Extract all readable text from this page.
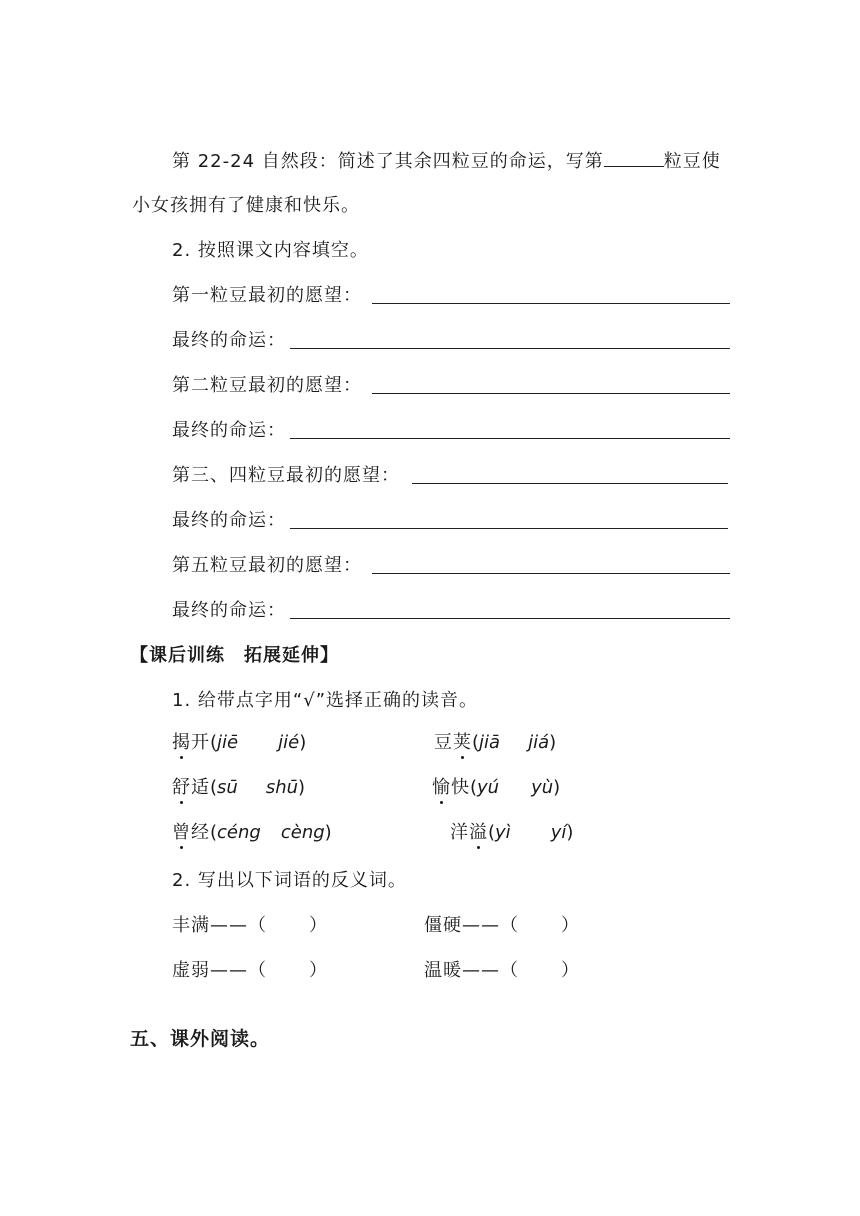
第 22-24 自然段：简述了其余四粒豆的命运，写第	粒豆使
小女孩拥有了健康和快乐。
2. 按照课文内容填空。
第一粒豆最初的愿望：
最终的命运：
第二粒豆最初的愿望：
最终的命运：
第三、四粒豆最初的愿望：
最终的命运：
第五粒豆最初的愿望：
最终的命运：
【课后训练　拓展延伸】
1. 给带点字用“√”选择正确的读音。
揭开(jiē jié)	豆荚(jiā jiá)
舒适(sū shū)	愉快(yú yù)
曾经(céng cèng)	洋溢(yì yí)
2. 写出以下词语的反义词。
丰满——（ ）	僵硬——（ ）
虚弱——（ ）	温暖——（ ）
五、课外阅读。
